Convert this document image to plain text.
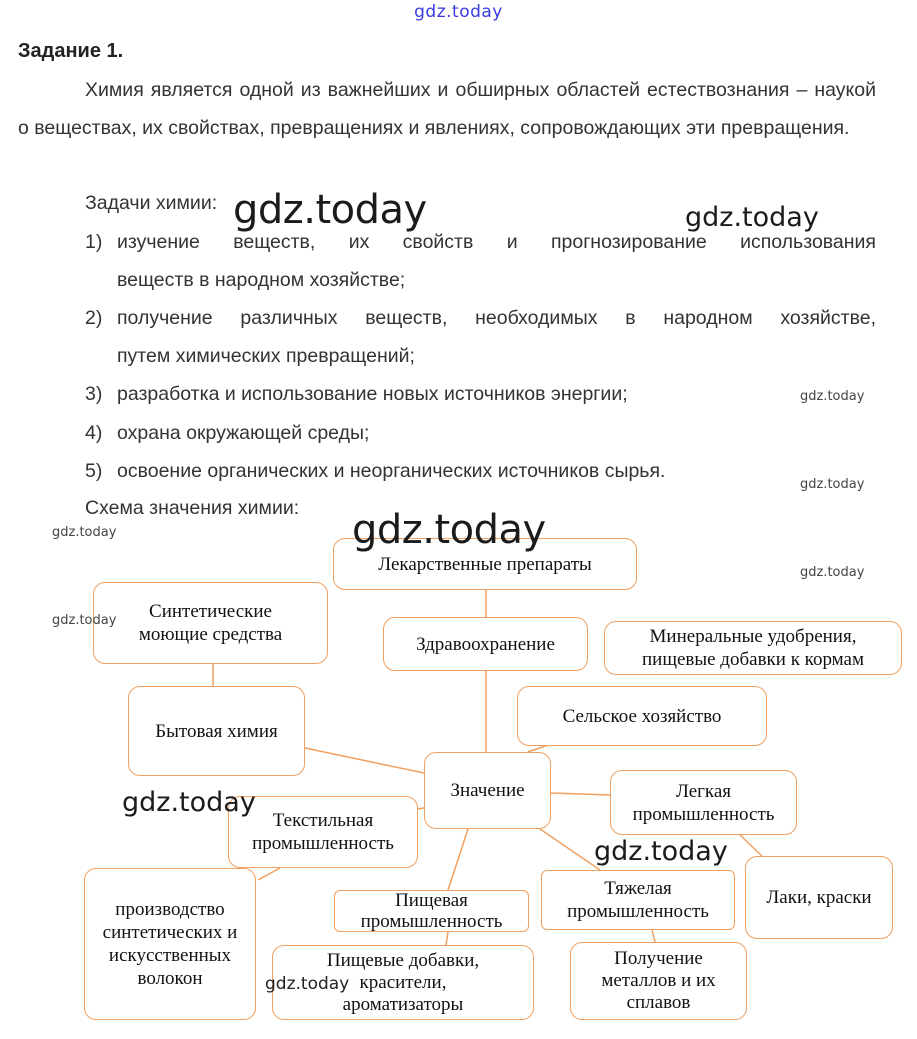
gdz.today
Задание 1.
Химия является одной из важнейших и обширных областей естествознания – наукой о веществах, их свойствах, превращениях и явлениях, сопровождающих эти превращения.
Задачи химии:
1) изучение веществ, их свойств и прогнозирование использования
веществ в народном хозяйстве;
2) получение различных веществ, необходимых в народном хозяйстве,
путем химических превращений;
3) разработка и использование новых источников энергии;
4) охрана окружающей среды;
5) освоение органических и неорганических источников сырья.
Схема значения химии:
Лекарственные препараты
Здравоохранение	Минеральные удобрения, пищевые добавки к кормам
Сельское хозяйство
Синтетические моющие средства
Бытовая химия
Значение	Легкая промышленность
Лаки, краски
Текстильная промышленность
производство синтетических и искусственных волокон
Пищевая промышленность
Пищевые добавки, красители, ароматизаторы
Тяжелая промышленность
Получение металлов и их сплавов
gdz.today	gdz.today
gdz.today
gdz.today
gdz.today	gdz.today
gdz.today
gdz.today
gdz.today
gdz.today
gdz.today
